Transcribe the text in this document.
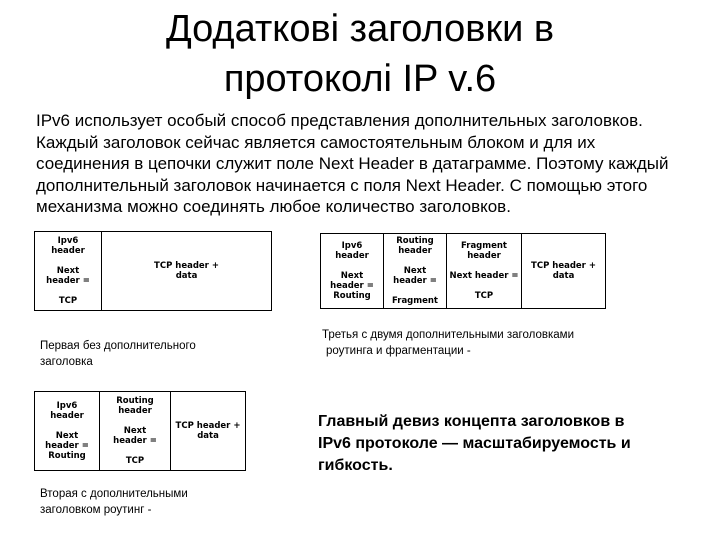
Додаткові заголовки в
протоколі IP v.6
IPv6 использует особый способ представления дополнительных заголовков.
Каждый заголовок сейчас является самостоятельным блоком и для их
соединения в цепочки служит поле Next Header в датаграмме. Поэтому каждый
дополнительный заголовок начинается с поля Next Header. С помощью этого
механизма можно соединять любое количество заголовков.
Ipv6
header
Next
header =
TCP

TCP header +
data
Первая без дополнительного
заголовка
Ipv6
header
Next
header =
Routing

Routing
header
Next
header =
Fragment

Fragment
header
Next header =
TCP

TCP header +
data
Третья с двумя дополнительными заголовками
роутинга и фрагментации -
Ipv6
header
Next
header =
Routing

Routing
header
Next
header =
TCP

TCP header +
data
Вторая с дополнительными
заголовком роутинг -
Главный девиз концепта заголовков в
IPv6 протоколе — масштабируемость и
гибкость.
